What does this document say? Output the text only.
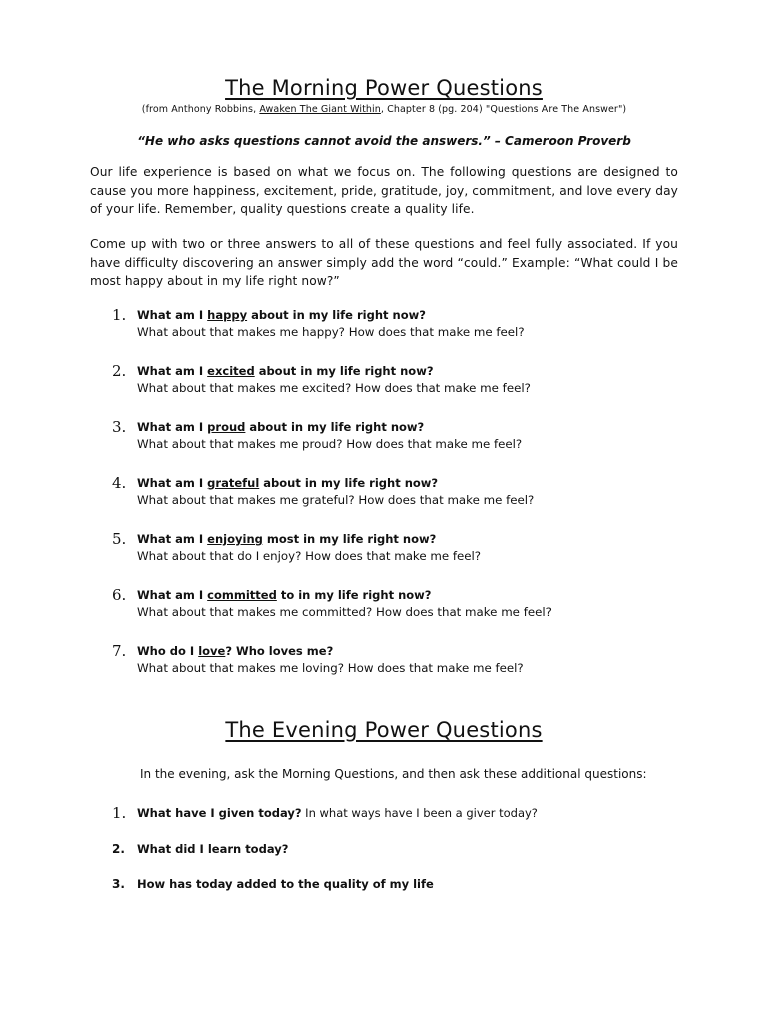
The Morning Power Questions
(from Anthony Robbins, Awaken The Giant Within, Chapter 8 (pg. 204) "Questions Are The Answer")
“He who asks questions cannot avoid the answers.” – Cameroon Proverb

Our life experience is based on what we focus on. The following questions are designed to cause you more happiness, excitement, pride, gratitude, joy, commitment, and love every day of your life. Remember, quality questions create a quality life.

Come up with two or three answers to all of these questions and feel fully associated. If you have difficulty discovering an answer simply add the word “could.” Example: “What could I be most happy about in my life right now?”

1. What am I happy about in my life right now?
What about that makes me happy? How does that make me feel?
2. What am I excited about in my life right now?
What about that makes me excited? How does that make me feel?
3. What am I proud about in my life right now?
What about that makes me proud? How does that make me feel?
4. What am I grateful about in my life right now?
What about that makes me grateful? How does that make me feel?
5. What am I enjoying most in my life right now?
What about that do I enjoy? How does that make me feel?
6. What am I committed to in my life right now?
What about that makes me committed? How does that make me feel?
7. Who do I love? Who loves me?
What about that makes me loving? How does that make me feel?
The Evening Power Questions
In the evening, ask the Morning Questions, and then ask these additional questions:
1. What have I given today? In what ways have I been a giver today?
2. What did I learn today?
3. How has today added to the quality of my life
